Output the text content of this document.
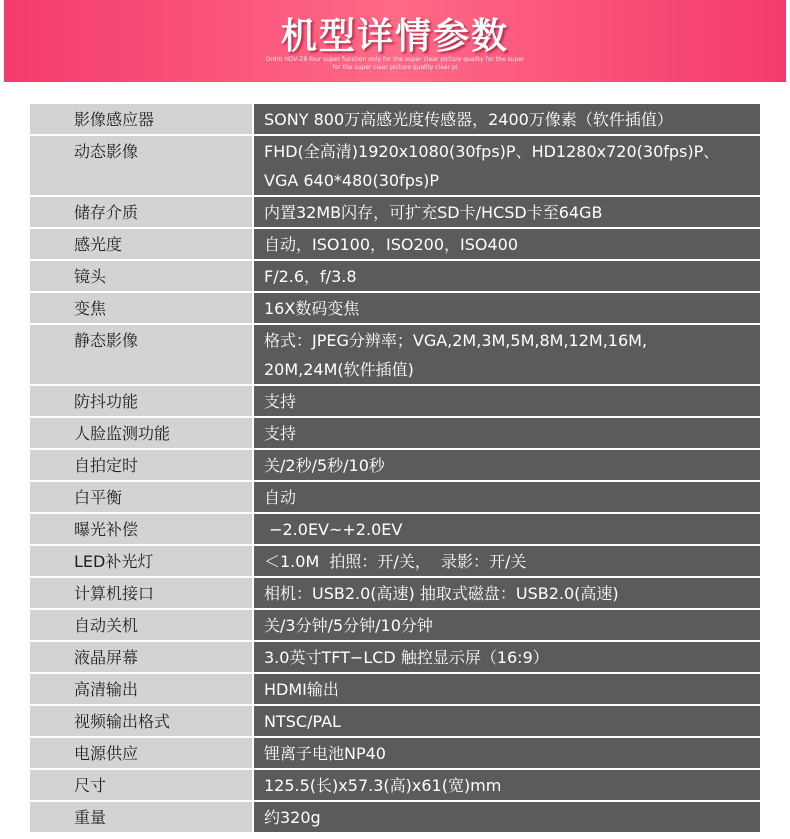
机型详情参数
Ordro HDV-Z8 four super function only for the super clear picture quality for the super
for the super clear picture quality clear pi
影像感应器	SONY 800万高感光度传感器，2400万像素（软件插值）
动态影像	FHD(全高清)1920x1080(30fps)P、HD1280x720(30fps)P、
VGA 640*480(30fps)P
储存介质	内置32MB闪存，可扩充SD卡/HCSD卡至64GB
感光度	自动，ISO100，ISO200，ISO400
镜头	F/2.6，f/3.8
变焦	16X数码变焦
静态影像	格式：JPEG分辨率；VGA,2M,3M,5M,8M,12M,16M,
20M,24M(软件插值)
防抖功能	支持
人脸监测功能	支持
自拍定时	关/2秒/5秒/10秒
白平衡	自动
曝光补偿	−2.0EV~+2.0EV
LED补光灯	＜1.0M  拍照：开/关，  录影：开/关
计算机接口	相机：USB2.0(高速) 抽取式磁盘：USB2.0(高速)
自动关机	关/3分钟/5分钟/10分钟
液晶屏幕	3.0英寸TFT−LCD 触控显示屏（16:9）
高清输出	HDMI输出
视频输出格式	NTSC/PAL
电源供应	锂离子电池NP40
尺寸	125.5(长)x57.3(高)x61(宽)mm
重量	约320g
